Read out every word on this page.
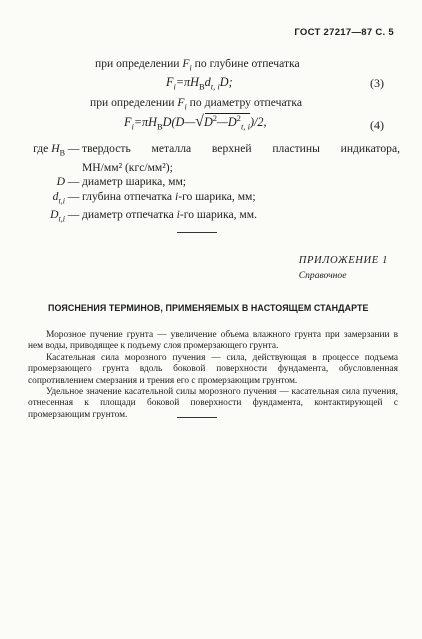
ГОСТ 27217—87 С. 5
при определении $F_i$ по глубине отпечатка
$F_i=\pi H_Вd_{t, i}D$;	(3)
при определении $F_i$ по диаметру отпечатка
$F_i=\pi H_ВD(D—√$
$D^2—D^2_{t, i})/2$,	(4)
где $H_В$ — твердость металла верхней пластины индикатора,
МН/мм² (кгс/мм²);
D — диаметр шарика, мм;
$d_{t,i}$ — глубина отпечатка i-го шарика, мм;
$D_{t,i}$ — диаметр отпечатка i-го шарика, мм.
ПРИЛОЖЕНИЕ 1
Справочное
ПОЯСНЕНИЯ ТЕРМИНОВ, ПРИМЕНЯЕМЫХ В НАСТОЯЩЕМ СТАНДАРТЕ

Морозное пучение грунта — увеличение объема влажного грунта при замерзании в нем воды, приводящее к подъему слоя промерзающего грунта.

Касательная сила морозного пучения — сила, действующая в процессе подъема промерзающего грунта вдоль боковой поверхности фундамента, обусловленная сопротивлением смерзания и трения его с промерзающим грунтом.

Удельное значение касательной силы морозного пучения — касательная сила пучения, отнесенная к площади боковой поверхности фундамента, контактирующей с промерзающим грунтом.
